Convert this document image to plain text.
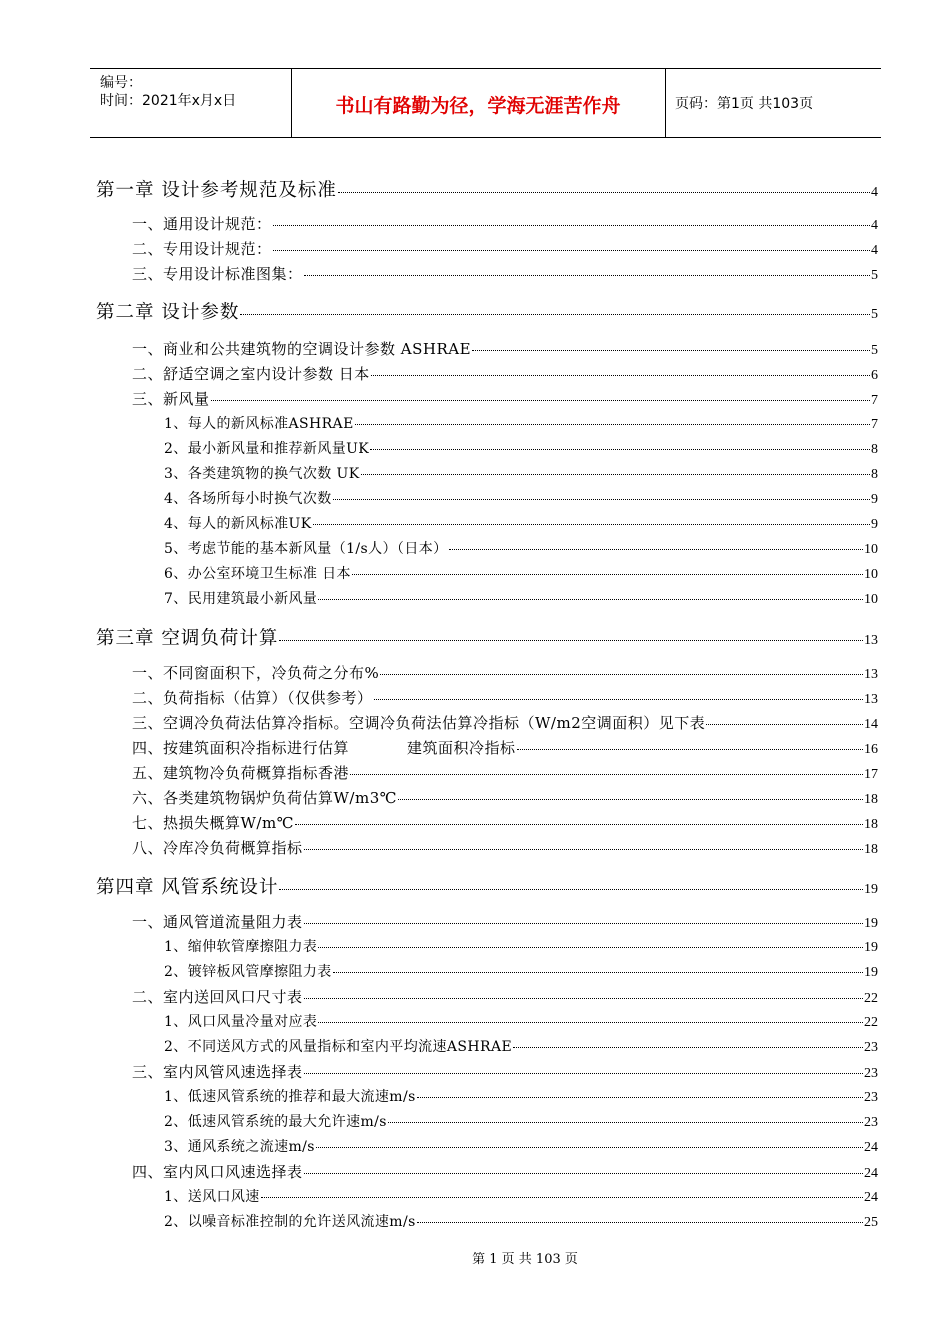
编号：
时间：2021年x月x日	书山有路勤为径，学海无涯苦作舟	页码：第1页 共103页
第一章 设计参考规范及标准	4
一、通用设计规范：	4
二、专用设计规范：	4
三、专用设计标准图集：	5
第二章 设计参数	5
一、商业和公共建筑物的空调设计参数 ASHRAE	5
二、舒适空调之室内设计参数 日本	6
三、新风量	7
1、每人的新风标准ASHRAE	7
2、最小新风量和推荐新风量UK	8
3、各类建筑物的换气次数 UK	8
4、各场所每小时换气次数	9
4、每人的新风标准UK	9
5、考虑节能的基本新风量（1/s人）（日本）	10
6、办公室环境卫生标准 日本	10
7、民用建筑最小新风量	10
第三章 空调负荷计算	13
一、不同窗面积下，冷负荷之分布%	13
二、负荷指标（估算）（仅供参考）	13
三、空调冷负荷法估算冷指标。空调冷负荷法估算冷指标（W/m2空调面积）见下表	14
四、按建筑面积冷指标进行估算	建筑面积冷指标	16
五、建筑物冷负荷概算指标香港	17
六、各类建筑物锅炉负荷估算W/m3℃	18
七、热损失概算W/m℃	18
八、冷库冷负荷概算指标	18
第四章 风管系统设计	19
一、通风管道流量阻力表	19
1、缩伸软管摩擦阻力表	19
2、镀锌板风管摩擦阻力表	19
二、室内送回风口尺寸表	22
1、风口风量冷量对应表	22
2、不同送风方式的风量指标和室内平均流速ASHRAE	23
三、室内风管风速选择表	23
1、低速风管系统的推荐和最大流速m/s	23
2、低速风管系统的最大允许速m/s	23
3、通风系统之流速m/s	24
四、室内风口风速选择表	24
1、送风口风速	24
2、以噪音标准控制的允许送风流速m/s	25
第 1 页 共 103 页
